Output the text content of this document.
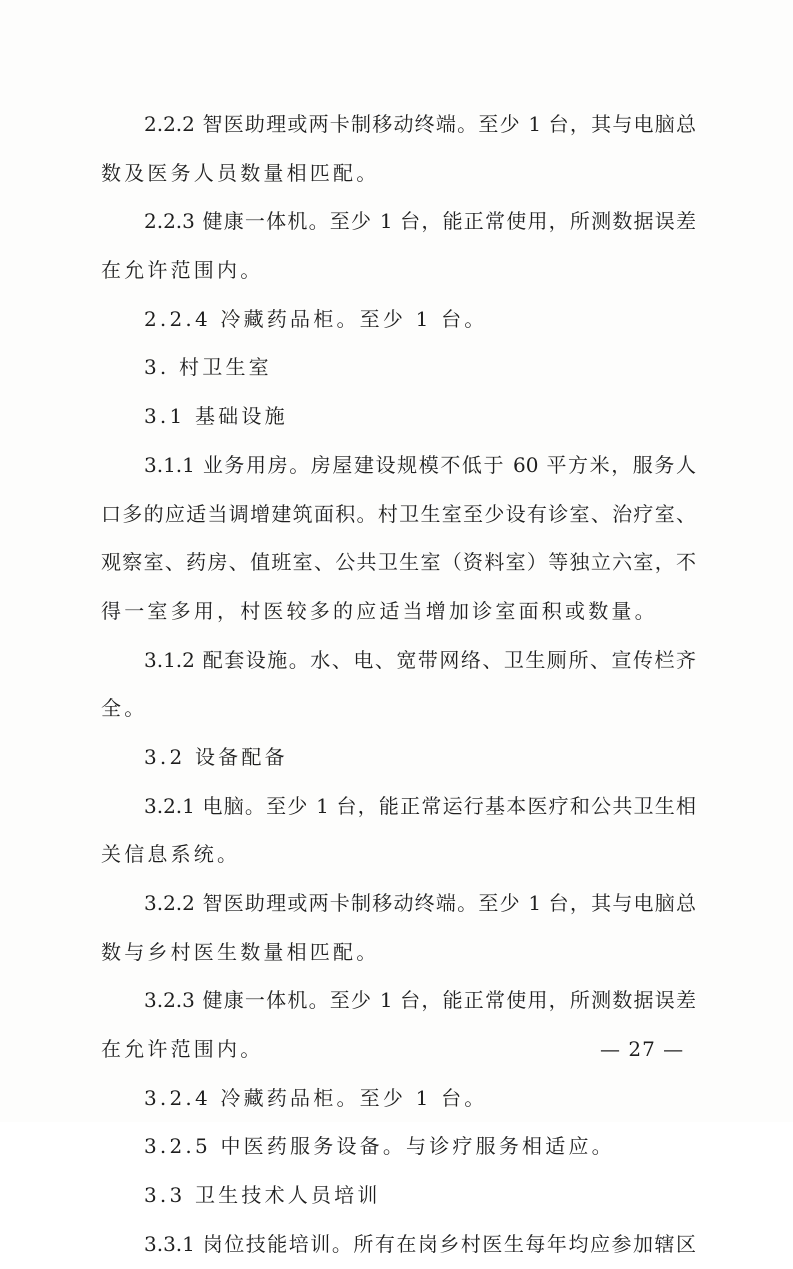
2.2.2 智医助理或两卡制移动终端。至少 1 台，其与电脑总
数及医务人员数量相匹配。
2.2.3 健康一体机。至少 1 台，能正常使用，所测数据误差
在允许范围内。
2.2.4 冷藏药品柜。至少 1 台。
3. 村卫生室
3.1 基础设施
3.1.1 业务用房。房屋建设规模不低于 60 平方米，服务人
口多的应适当调增建筑面积。村卫生室至少设有诊室、治疗室、
观察室、药房、值班室、公共卫生室（资料室）等独立六室，不
得一室多用，村医较多的应适当增加诊室面积或数量。
3.1.2 配套设施。水、电、宽带网络、卫生厕所、宣传栏齐
全。
3.2 设备配备
3.2.1 电脑。至少 1 台，能正常运行基本医疗和公共卫生相
关信息系统。
3.2.2 智医助理或两卡制移动终端。至少 1 台，其与电脑总
数与乡村医生数量相匹配。
3.2.3 健康一体机。至少 1 台，能正常使用，所测数据误差
在允许范围内。
3.2.4 冷藏药品柜。至少 1 台。
3.2.5 中医药服务设备。与诊疗服务相适应。
3.3 卫生技术人员培训
3.3.1 岗位技能培训。所有在岗乡村医生每年均应参加辖区
— 27 —
